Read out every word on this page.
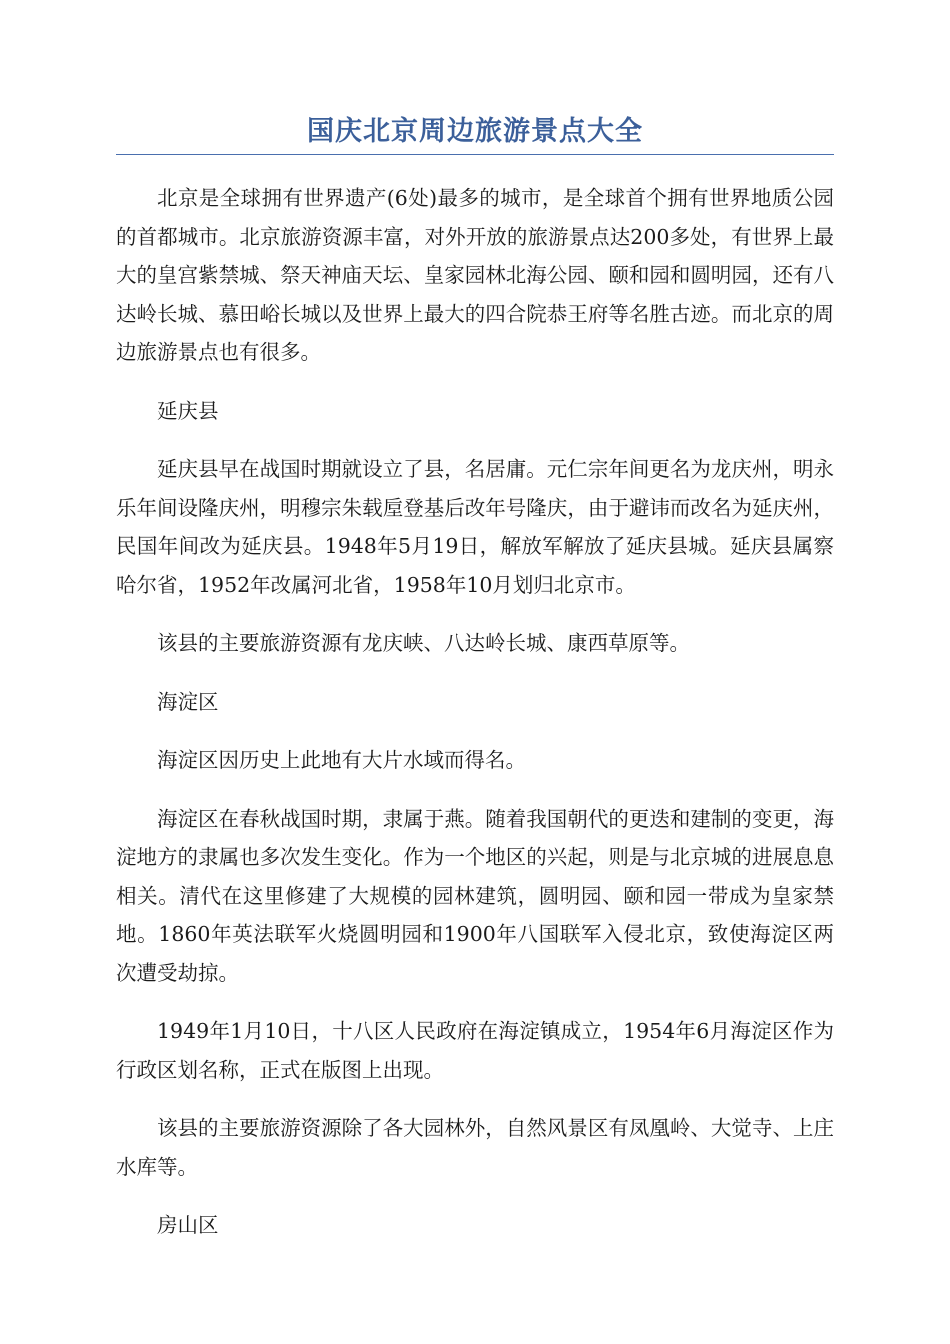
国庆北京周边旅游景点大全

北京是全球拥有世界遗产(6处)最多的城市，是全球首个拥有世界地质公园的首都城市。北京旅游资源丰富，对外开放的旅游景点达200多处，有世界上最大的皇宫紫禁城、祭天神庙天坛、皇家园林北海公园、颐和园和圆明园，还有八达岭长城、慕田峪长城以及世界上最大的四合院恭王府等名胜古迹。而北京的周边旅游景点也有很多。

延庆县

延庆县早在战国时期就设立了县，名居庸。元仁宗年间更名为龙庆州，明永乐年间设隆庆州，明穆宗朱载垕登基后改年号隆庆，由于避讳而改名为延庆州，民国年间改为延庆县。1948年5月19日，解放军解放了延庆县城。延庆县属察哈尔省，1952年改属河北省，1958年10月划归北京市。

该县的主要旅游资源有龙庆峡、八达岭长城、康西草原等。

海淀区

海淀区因历史上此地有大片水域而得名。

海淀区在春秋战国时期，隶属于燕。随着我国朝代的更迭和建制的变更，海淀地方的隶属也多次发生变化。作为一个地区的兴起，则是与北京城的进展息息相关。清代在这里修建了大规模的园林建筑，圆明园、颐和园一带成为皇家禁地。1860年英法联军火烧圆明园和1900年八国联军入侵北京，致使海淀区两次遭受劫掠。

1949年1月10日，十八区人民政府在海淀镇成立，1954年6月海淀区作为行政区划名称，正式在版图上出现。

该县的主要旅游资源除了各大园林外，自然风景区有凤凰岭、大觉寺、上庄水库等。

房山区
